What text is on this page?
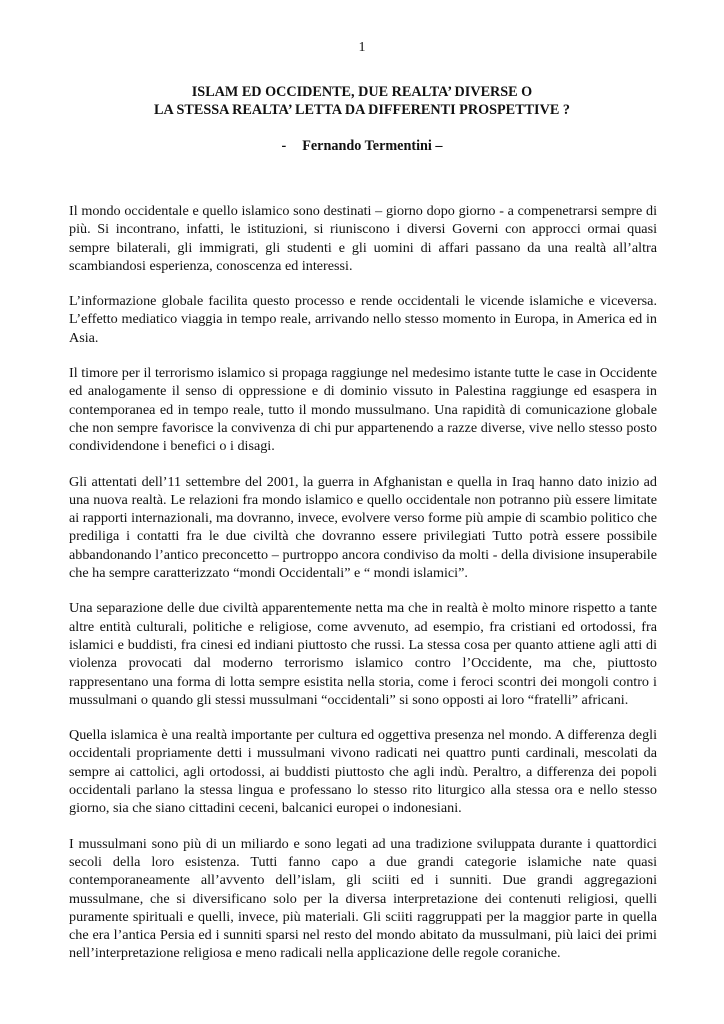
1
ISLAM ED OCCIDENTE, DUE REALTA’ DIVERSE O
LA STESSA REALTA’ LETTA DA DIFFERENTI PROSPETTIVE ?
- Fernando Termentini –

Il mondo occidentale e quello islamico sono destinati – giorno dopo giorno - a compenetrarsi sempre di più. Si incontrano, infatti, le istituzioni, si riuniscono i diversi Governi con approcci ormai quasi sempre bilaterali, gli immigrati, gli studenti e gli uomini di affari passano da una realtà all’altra scambiandosi esperienza, conoscenza ed interessi.

L’informazione globale facilita questo processo e rende occidentali le vicende islamiche e viceversa. L’effetto mediatico viaggia in tempo reale, arrivando nello stesso momento in Europa, in America ed in Asia.

Il timore per il terrorismo islamico si propaga raggiunge nel medesimo istante tutte le case in Occidente ed analogamente il senso di oppressione e di dominio vissuto in Palestina raggiunge ed esaspera in contemporanea ed in tempo reale, tutto il mondo mussulmano. Una rapidità di comunicazione globale che non sempre favorisce la convivenza di chi pur appartenendo a razze diverse, vive nello stesso posto condividendone i benefici o i disagi.

Gli attentati dell’11 settembre del 2001, la guerra in Afghanistan e quella in Iraq hanno dato inizio ad una nuova realtà. Le relazioni fra mondo islamico e quello occidentale non potranno più essere limitate ai rapporti internazionali, ma dovranno, invece, evolvere verso forme più ampie di scambio politico che prediliga i contatti fra le due civiltà che dovranno essere privilegiati Tutto potrà essere possibile abbandonando l’antico preconcetto – purtroppo ancora condiviso da molti - della divisione insuperabile che ha sempre caratterizzato “mondi Occidentali” e “ mondi islamici”.

Una separazione delle due civiltà apparentemente netta ma che in realtà è molto minore rispetto a tante altre entità culturali, politiche e religiose, come avvenuto, ad esempio, fra cristiani ed ortodossi, fra islamici e buddisti, fra cinesi ed indiani piuttosto che russi. La stessa cosa per quanto attiene agli atti di violenza provocati dal moderno terrorismo islamico contro l’Occidente, ma che, piuttosto rappresentano una forma di lotta sempre esistita nella storia, come i feroci scontri dei mongoli contro i mussulmani o quando gli stessi mussulmani “occidentali” si sono opposti ai loro “fratelli” africani.

Quella islamica è una realtà importante per cultura ed oggettiva presenza nel mondo. A differenza degli occidentali propriamente detti i mussulmani vivono radicati nei quattro punti cardinali, mescolati da sempre ai cattolici, agli ortodossi, ai buddisti piuttosto che agli indù. Peraltro, a differenza dei popoli occidentali parlano la stessa lingua e professano lo stesso rito liturgico alla stessa ora e nello stesso giorno, sia che siano cittadini ceceni, balcanici europei o indonesiani.

I mussulmani sono più di un miliardo e sono legati ad una tradizione sviluppata durante i quattordici secoli della loro esistenza. Tutti fanno capo a due grandi categorie islamiche nate quasi contemporaneamente all’avvento dell’islam, gli sciiti ed i sunniti. Due grandi aggregazioni mussulmane, che si diversificano solo per la diversa interpretazione dei contenuti religiosi, quelli puramente spirituali e quelli, invece, più materiali. Gli sciiti raggruppati per la maggior parte in quella che era l’antica Persia ed i sunniti sparsi nel resto del mondo abitato da mussulmani, più laici dei primi nell’interpretazione religiosa e meno radicali nella applicazione delle regole coraniche.
